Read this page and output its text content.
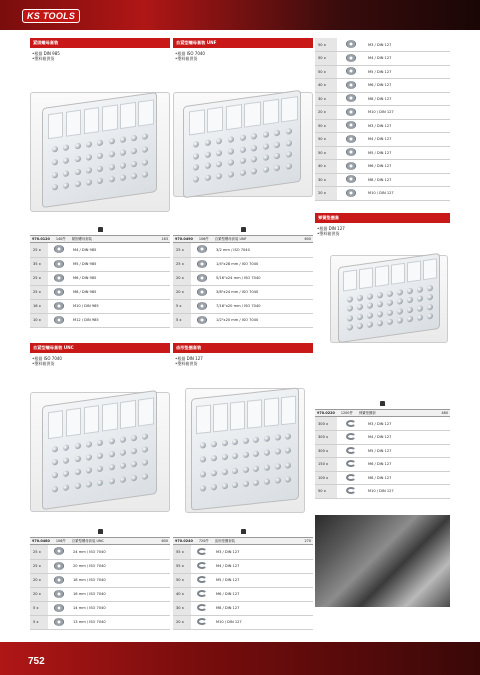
KS TOOLS
紧固螺母套装
•根据 DIN 985
•塑料箱供货
970.0120 140件 紧固螺母套装	163
25 x		M4 / DIN 985
35 x		M5 / DIN 985
25 x		M6 / DIN 985
25 x		M8 / DIN 985
16 x		M10 / DIN 985
10 x		M12 / DIN 985
自紧型螺母套装 UNF
•根据 ISO 7040
•塑料箱供货
970.0490 106件 自紧型螺母套装 UNF	600
25 x		3/2 mm / ISO 7040
25 x		1/4"x28 mm / ISO 7040
20 x		5/16"x24 mm / ISO 7040
20 x		3/8"x24 mm / ISO 7040
5 x		7/16"x20 mm / ISO 7040
5 x		1/2"x20 mm / ISO 7040
50 x		M3 / DIN 127
50 x		M4 / DIN 127
50 x		M5 / DIN 127
40 x		M6 / DIN 127
30 x		M8 / DIN 127
20 x		M10 / DIN 127
50 x		M3 / DIN 127
50 x		M4 / DIN 127
50 x		M5 / DIN 127
40 x		M6 / DIN 127
30 x		M8 / DIN 127
20 x		M10 / DIN 127
弹簧垫圈套
•根据 DIN 127
•塑料箱供货
970.0220 1200件 弹簧垫圈套	480
300 x		M3 / DIN 127
300 x		M4 / DIN 127
300 x		M5 / DIN 127
150 x		M6 / DIN 127
100 x		M8 / DIN 127
50 x		M10 / DIN 127
自紧型螺母套装 UNC
•根据 ISO 7040
•塑料箱供货
970.0480 106件 自紧型螺母套装 UNC	600
25 x		24 mm / ISO 7040
25 x		20 mm / ISO 7040
20 x		18 mm / ISO 7040
20 x		16 mm / ISO 7040
5 x		14 mm / ISO 7040
5 x		13 mm / ISO 7040
齿形垫圈套装
•根据 DIN 127
•塑料箱供货
970.0240 720件 齿形垫圈套装	270
55 x		M3 / DIN 127
55 x		M4 / DIN 127
50 x		M5 / DIN 127
40 x		M6 / DIN 127
30 x		M8 / DIN 127
20 x		M10 / DIN 127
752
